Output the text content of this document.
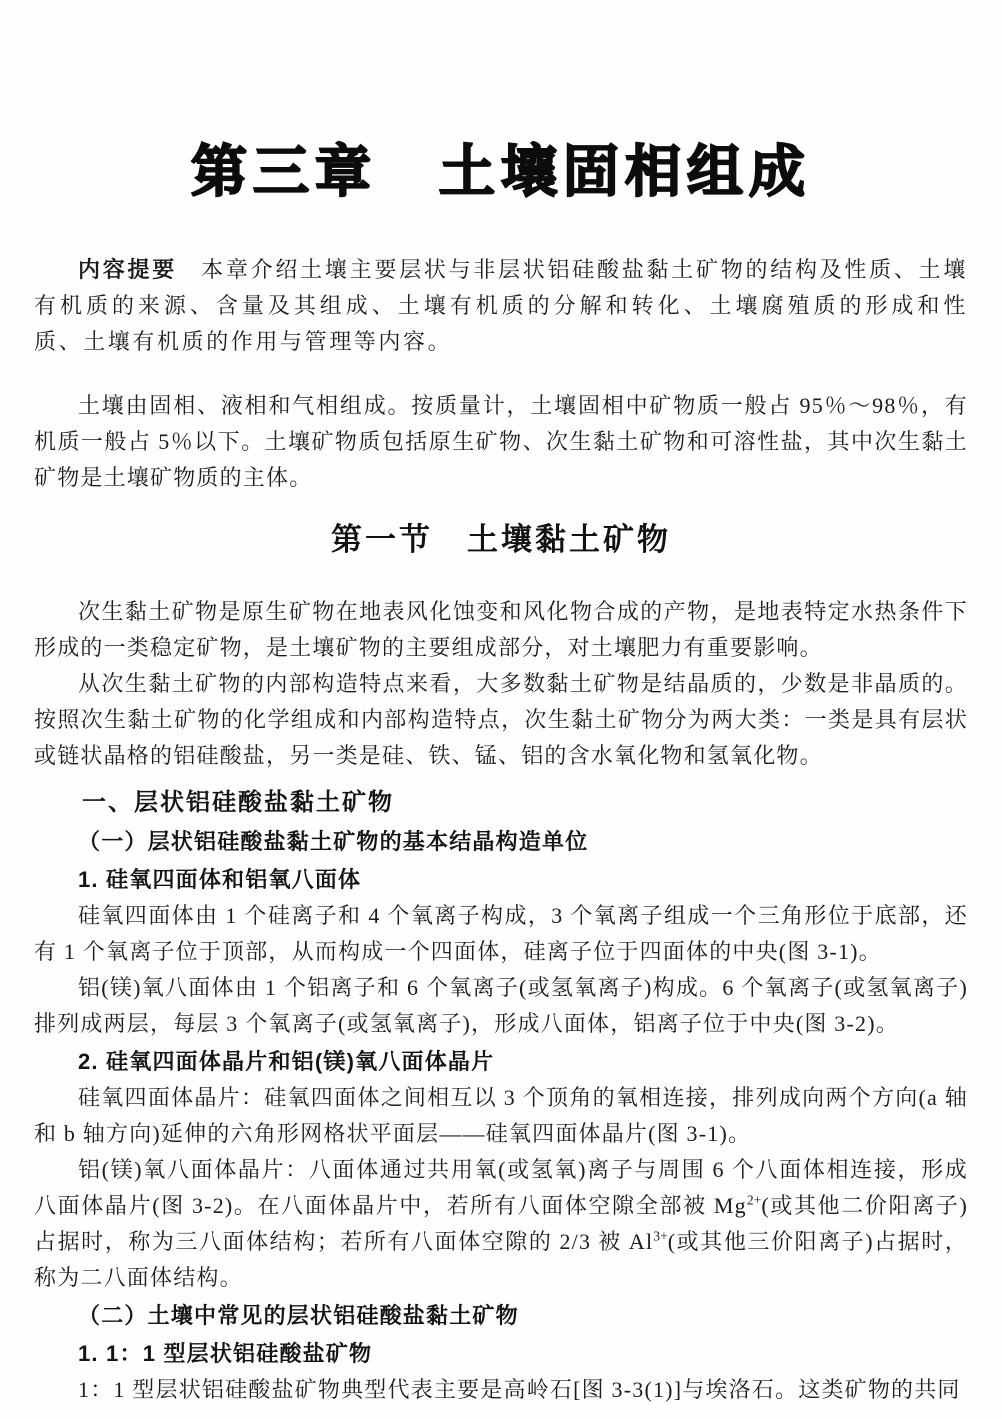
第三章　土壤固相组成

内容提要 本章介绍土壤主要层状与非层状铝硅酸盐黏土矿物的结构及性质、土壤有机质的来源、含量及其组成、土壤有机质的分解和转化、土壤腐殖质的形成和性质、土壤有机质的作用与管理等内容。

土壤由固相、液相和气相组成。按质量计，土壤固相中矿物质一般占 95％～98％，有机质一般占 5％以下。土壤矿物质包括原生矿物、次生黏土矿物和可溶性盐，其中次生黏土矿物是土壤矿物质的主体。

第一节　土壤黏土矿物

次生黏土矿物是原生矿物在地表风化蚀变和风化物合成的产物，是地表特定水热条件下形成的一类稳定矿物，是土壤矿物的主要组成部分，对土壤肥力有重要影响。

从次生黏土矿物的内部构造特点来看，大多数黏土矿物是结晶质的，少数是非晶质的。按照次生黏土矿物的化学组成和内部构造特点，次生黏土矿物分为两大类：一类是具有层状或链状晶格的铝硅酸盐，另一类是硅、铁、锰、铝的含水氧化物和氢氧化物。

一、层状铝硅酸盐黏土矿物
（一）层状铝硅酸盐黏土矿物的基本结晶构造单位
1. 硅氧四面体和铝氧八面体

硅氧四面体由 1 个硅离子和 4 个氧离子构成，3 个氧离子组成一个三角形位于底部，还有 1 个氧离子位于顶部，从而构成一个四面体，硅离子位于四面体的中央(图 3-1)。

铝(镁)氧八面体由 1 个铝离子和 6 个氧离子(或氢氧离子)构成。6 个氧离子(或氢氧离子)排列成两层，每层 3 个氧离子(或氢氧离子)，形成八面体，铝离子位于中央(图 3-2)。

2. 硅氧四面体晶片和铝(镁)氧八面体晶片

硅氧四面体晶片：硅氧四面体之间相互以 3 个顶角的氧相连接，排列成向两个方向(a 轴和 b 轴方向)延伸的六角形网格状平面层——硅氧四面体晶片(图 3-1)。

铝(镁)氧八面体晶片：八面体通过共用氧(或氢氧)离子与周围 6 个八面体相连接，形成八面体晶片(图 3-2)。在八面体晶片中，若所有八面体空隙全部被 $Mg^{2+}$(或其他二价阳离子)占据时，称为三八面体结构；若所有八面体空隙的 2/3 被 $Al^{3+}$(或其他三价阳离子)占据时，称为二八面体结构。

（二）土壤中常见的层状铝硅酸盐黏土矿物
1. 1：1 型层状铝硅酸盐矿物

1：1 型层状铝硅酸盐矿物典型代表主要是高岭石[图 3-3(1)]与埃洛石。这类矿物的共同
